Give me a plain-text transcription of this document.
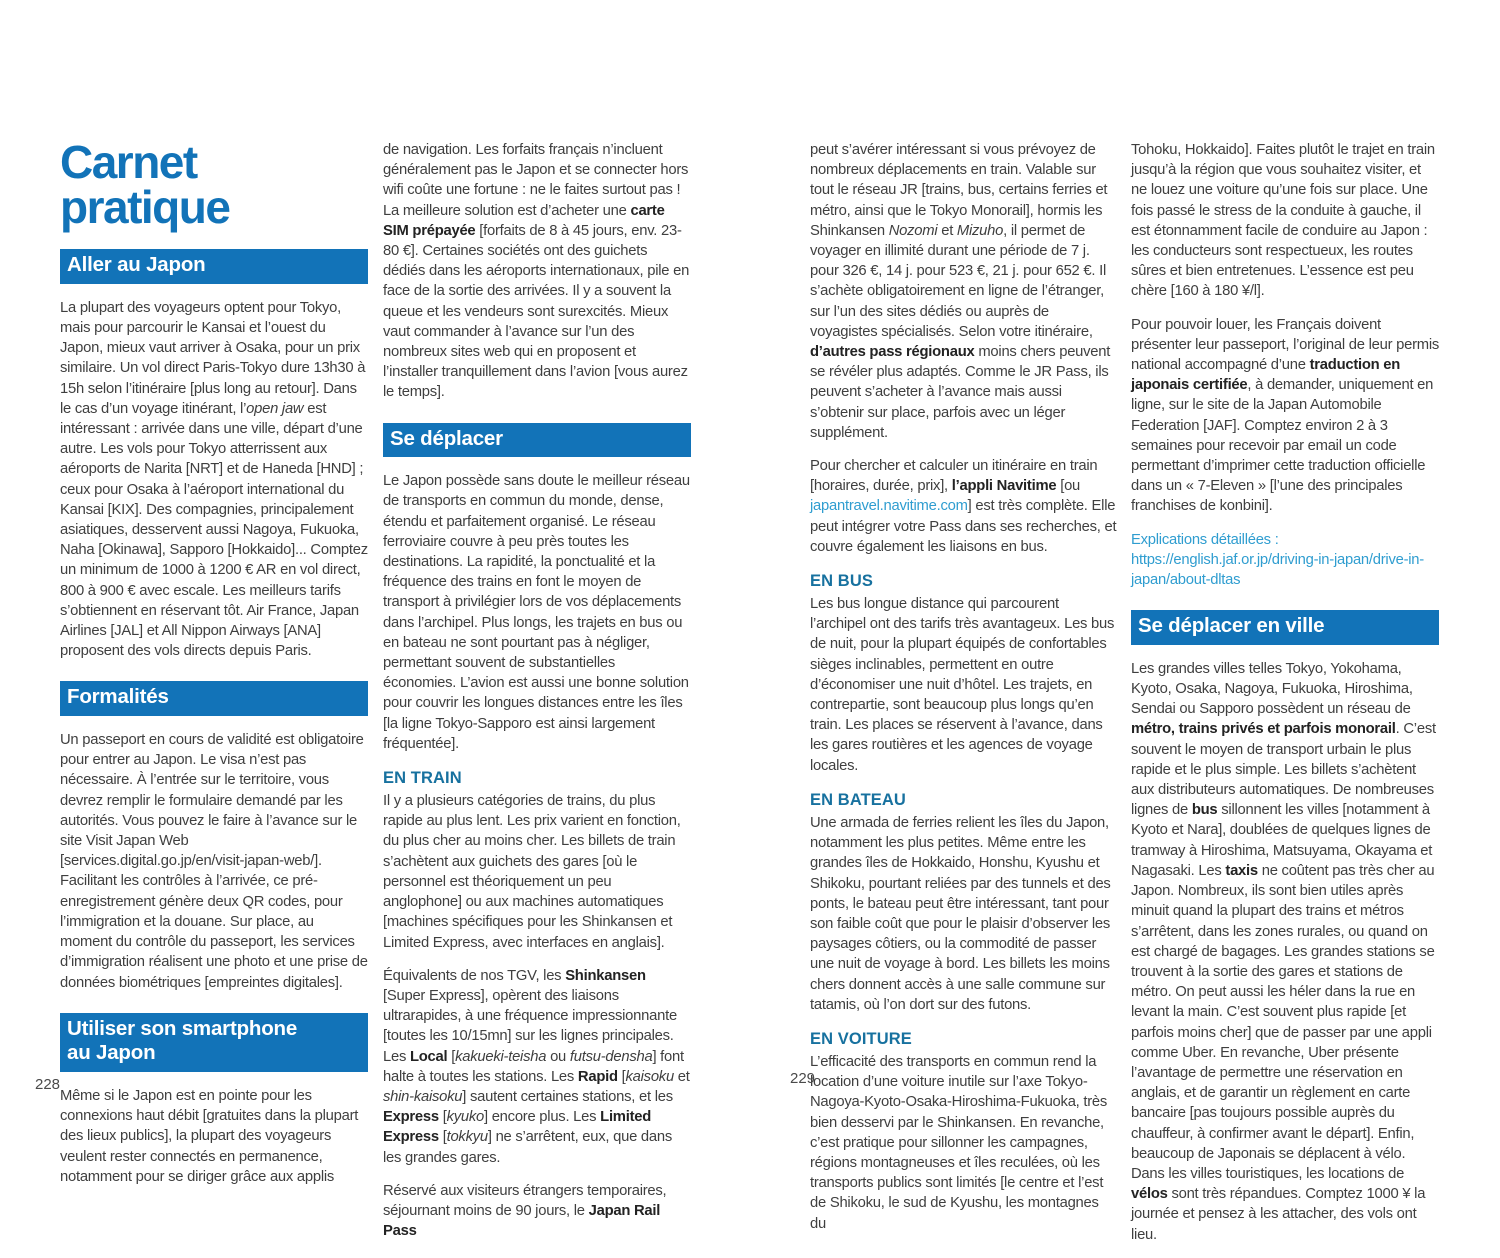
Carnet
pratique
Aller au Japon

La plupart des voyageurs optent pour Tokyo, mais pour parcourir le Kansai et l’ouest du Japon, mieux vaut arriver à Osaka, pour un prix similaire. Un vol direct Paris-Tokyo dure 13h30 à 15h selon l’itinéraire [plus long au retour]. Dans le cas d’un voyage itinérant, l’open jaw est intéressant : arrivée dans une ville, départ d’une autre. Les vols pour Tokyo atterrissent aux aéroports de Narita [NRT] et de Haneda [HND] ; ceux pour Osaka à l’aéroport international du Kansai [KIX]. Des compagnies, principalement asiatiques, desservent aussi Nagoya, Fukuoka, Naha [Okinawa], Sapporo [Hokkaido]... Comptez un minimum de 1000 à 1200 € AR en vol direct, 800 à 900 € avec escale. Les meilleurs tarifs s’obtiennent en réservant tôt. Air France, Japan Airlines [JAL] et All Nippon Airways [ANA] proposent des vols directs depuis Paris.

Formalités

Un passeport en cours de validité est obligatoire pour entrer au Japon. Le visa n’est pas nécessaire. À l’entrée sur le territoire, vous devrez remplir le formulaire demandé par les autorités. Vous pouvez le faire à l’avance sur le site Visit Japan Web [services.digital.go.jp/en/visit-japan-web/]. Facilitant les contrôles à l’arrivée, ce pré-enregistrement génère deux QR codes, pour l’immigration et la douane. Sur place, au moment du contrôle du passeport, les services d’immigration réalisent une photo et une prise de données biométriques [empreintes digitales].

Utiliser son smartphone
au Japon

Même si le Japon est en pointe pour les connexions haut débit [gratuites dans la plupart des lieux publics], la plupart des voyageurs veulent rester connectés en permanence, notamment pour se diriger grâce aux applis

de navigation. Les forfaits français n’incluent généralement pas le Japon et se connecter hors wifi coûte une fortune : ne le faites surtout pas ! La meilleure solution est d’acheter une carte SIM prépayée [forfaits de 8 à 45 jours, env. 23-80 €]. Certaines sociétés ont des guichets dédiés dans les aéroports internationaux, pile en face de la sortie des arrivées. Il y a souvent la queue et les vendeurs sont surexcités. Mieux vaut commander à l’avance sur l’un des nombreux sites web qui en proposent et l’installer tranquillement dans l’avion [vous aurez le temps].

Se déplacer

Le Japon possède sans doute le meilleur réseau de transports en commun du monde, dense, étendu et parfaitement organisé. Le réseau ferroviaire couvre à peu près toutes les destinations. La rapidité, la ponctualité et la fréquence des trains en font le moyen de transport à privilégier lors de vos déplacements dans l’archipel. Plus longs, les trajets en bus ou en bateau ne sont pourtant pas à négliger, permettant souvent de substantielles économies. L’avion est aussi une bonne solution pour couvrir les longues distances entre les îles [la ligne Tokyo-Sapporo est ainsi largement fréquentée].

EN TRAIN

Il y a plusieurs catégories de trains, du plus rapide au plus lent. Les prix varient en fonction, du plus cher au moins cher. Les billets de train s’achètent aux guichets des gares [où le personnel est théoriquement un peu anglophone] ou aux machines automatiques [machines spécifiques pour les Shinkansen et Limited Express, avec interfaces en anglais].

Équivalents de nos TGV, les Shinkansen [Super Express], opèrent des liaisons ultrarapides, à une fréquence impressionnante [toutes les 10/15mn] sur les lignes principales. Les Local [kakueki-teisha ou futsu-densha] font halte à toutes les stations. Les Rapid [kaisoku et shin-kaisoku] sautent certaines stations, et les Express [kyuko] encore plus. Les Limited Express [tokkyu] ne s’arrêtent, eux, que dans les grandes gares.

Réservé aux visiteurs étrangers temporaires, séjournant moins de 90 jours, le Japan Rail Pass

peut s’avérer intéressant si vous prévoyez de nombreux déplacements en train. Valable sur tout le réseau JR [trains, bus, certains ferries et métro, ainsi que le Tokyo Monorail], hormis les Shinkansen Nozomi et Mizuho, il permet de voyager en illimité durant une période de 7 j. pour 326 €, 14 j. pour 523 €, 21 j. pour 652 €. Il s’achète obligatoirement en ligne de l’étranger, sur l’un des sites dédiés ou auprès de voyagistes spécialisés. Selon votre itinéraire, d’autres pass régionaux moins chers peuvent se révéler plus adaptés. Comme le JR Pass, ils peuvent s’acheter à l’avance mais aussi s’obtenir sur place, parfois avec un léger supplément.

Pour chercher et calculer un itinéraire en train [horaires, durée, prix], l’appli Navitime [ou japantravel.navitime.com] est très complète. Elle peut intégrer votre Pass dans ses recherches, et couvre également les liaisons en bus.

EN BUS

Les bus longue distance qui parcourent l’archipel ont des tarifs très avantageux. Les bus de nuit, pour la plupart équipés de confortables sièges inclinables, permettent en outre d’économiser une nuit d’hôtel. Les trajets, en contrepartie, sont beaucoup plus longs qu’en train. Les places se réservent à l’avance, dans les gares routières et les agences de voyage locales.

EN BATEAU

Une armada de ferries relient les îles du Japon, notamment les plus petites. Même entre les grandes îles de Hokkaido, Honshu, Kyushu et Shikoku, pourtant reliées par des tunnels et des ponts, le bateau peut être intéressant, tant pour son faible coût que pour le plaisir d’observer les paysages côtiers, ou la commodité de passer une nuit de voyage à bord. Les billets les moins chers donnent accès à une salle commune sur tatamis, où l’on dort sur des futons.

EN VOITURE

L’efficacité des transports en commun rend la location d’une voiture inutile sur l’axe Tokyo-Nagoya-Kyoto-Osaka-Hiroshima-Fukuoka, très bien desservi par le Shinkansen. En revanche, c’est pratique pour sillonner les campagnes, régions montagneuses et îles reculées, où les transports publics sont limités [le centre et l’est de Shikoku, le sud de Kyushu, les montagnes du

Tohoku, Hokkaido]. Faites plutôt le trajet en train jusqu’à la région que vous souhaitez visiter, et ne louez une voiture qu’une fois sur place. Une fois passé le stress de la conduite à gauche, il est étonnamment facile de conduire au Japon : les conducteurs sont respectueux, les routes sûres et bien entretenues. L’essence est peu chère [160 à 180 ¥/l].

Pour pouvoir louer, les Français doivent présenter leur passeport, l’original de leur permis national accompagné d’une traduction en japonais certifiée, à demander, uniquement en ligne, sur le site de la Japan Automobile Federation [JAF]. Comptez environ 2 à 3 semaines pour recevoir par email un code permettant d’imprimer cette traduction officielle dans un « 7-Eleven » [l’une des principales franchises de konbini].

Explications détaillées : https://english.jaf.or.jp/driving-in-japan/drive-in-japan/about-dltas

Se déplacer en ville

Les grandes villes telles Tokyo, Yokohama, Kyoto, Osaka, Nagoya, Fukuoka, Hiroshima, Sendai ou Sapporo possèdent un réseau de métro, trains privés et parfois monorail. C’est souvent le moyen de transport urbain le plus rapide et le plus simple. Les billets s’achètent aux distributeurs automatiques. De nombreuses lignes de bus sillonnent les villes [notamment à Kyoto et Nara], doublées de quelques lignes de tramway à Hiroshima, Matsuyama, Okayama et Nagasaki. Les taxis ne coûtent pas très cher au Japon. Nombreux, ils sont bien utiles après minuit quand la plupart des trains et métros s’arrêtent, dans les zones rurales, ou quand on est chargé de bagages. Les grandes stations se trouvent à la sortie des gares et stations de métro. On peut aussi les héler dans la rue en levant la main. C’est souvent plus rapide [et parfois moins cher] que de passer par une appli comme Uber. En revanche, Uber présente l’avantage de permettre une réservation en anglais, et de garantir un règlement en carte bancaire [pas toujours possible auprès du chauffeur, à confirmer avant le départ]. Enfin, beaucoup de Japonais se déplacent à vélo. Dans les villes touristiques, les locations de vélos sont très répandues. Comptez 1000 ¥ la journée et pensez à les attacher, des vols ont lieu.

228	229
